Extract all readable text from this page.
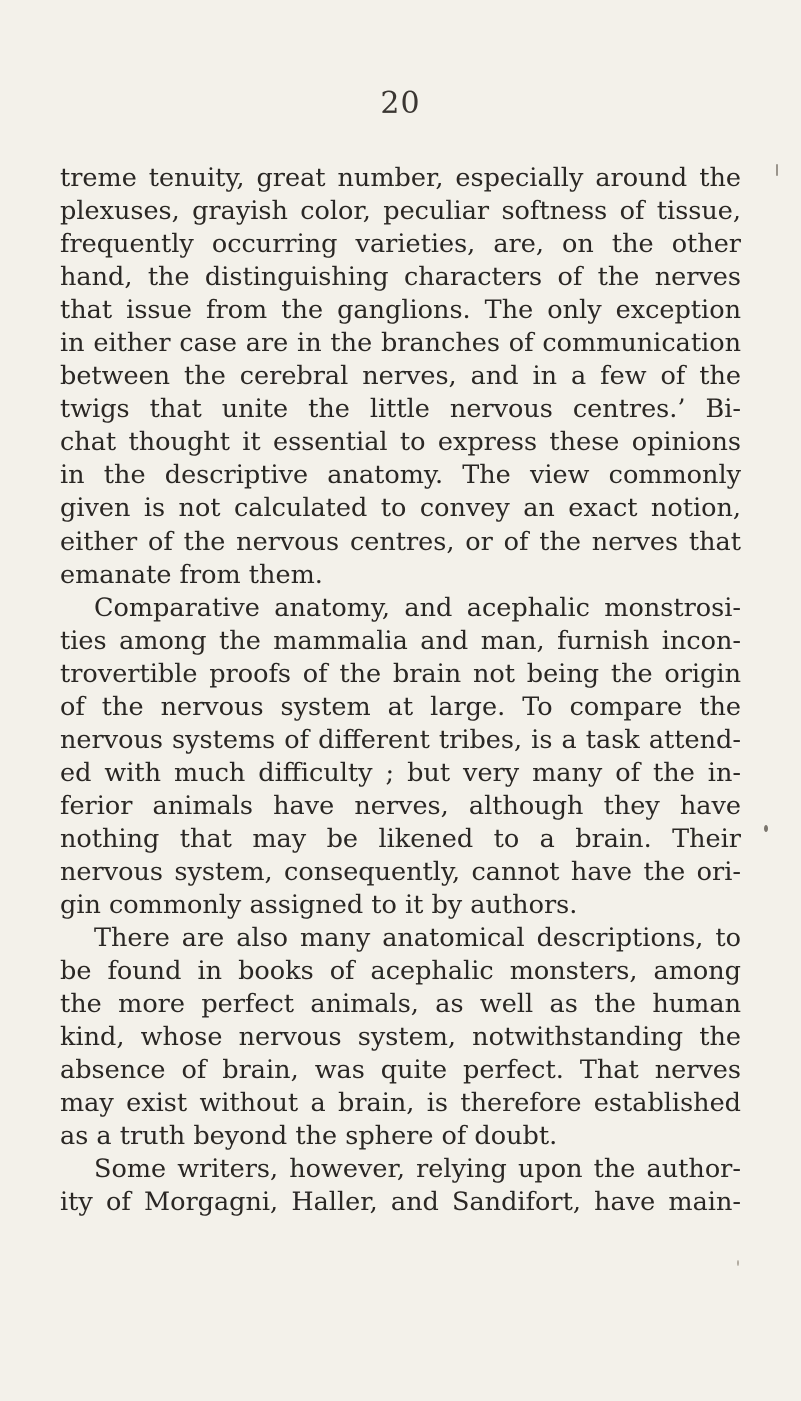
20
treme tenuity, great number, especially around the
plexuses, grayish color, peculiar softness of tissue,
frequently occurring varieties, are, on the other
hand, the distinguishing characters of the nerves
that issue from the ganglions. The only exception
in either case are in the branches of communication
between the cerebral nerves, and in a few of the
twigs that unite the little nervous centres.’ Bi-
chat thought it essential to express these opinions
in the descriptive anatomy. The view commonly
given is not calculated to convey an exact notion,
either of the nervous centres, or of the nerves that
emanate from them.
Comparative anatomy, and acephalic monstrosi-
ties among the mammalia and man, furnish incon-
trovertible proofs of the brain not being the origin
of the nervous system at large. To compare the
nervous systems of different tribes, is a task attend-
ed with much difficulty ; but very many of the in-
ferior animals have nerves, although they have
nothing that may be likened to a brain. Their
nervous system, consequently, cannot have the ori-
gin commonly assigned to it by authors.
There are also many anatomical descriptions, to
be found in books of acephalic monsters, among
the more perfect animals, as well as the human
kind, whose nervous system, notwithstanding the
absence of brain, was quite perfect. That nerves
may exist without a brain, is therefore established
as a truth beyond the sphere of doubt.
Some writers, however, relying upon the author-
ity of Morgagni, Haller, and Sandifort, have main-
